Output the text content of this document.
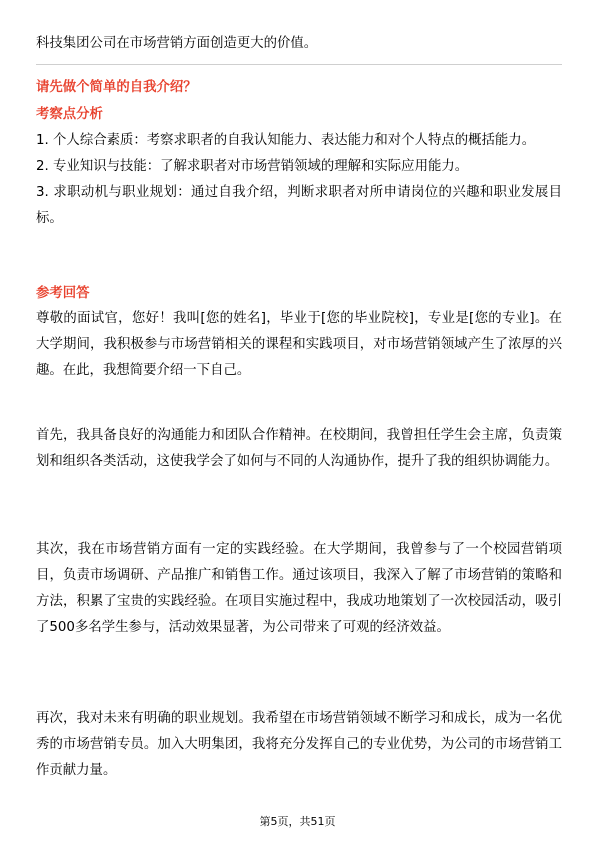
科技集团公司在市场营销方面创造更大的价值。

请先做个简单的自我介绍？

考察点分析

1. 个人综合素质：考察求职者的自我认知能力、表达能力和对个人特点的概括能力。

2. 专业知识与技能：了解求职者对市场营销领域的理解和实际应用能力。

3. 求职动机与职业规划：通过自我介绍，判断求职者对所申请岗位的兴趣和职业发展目标。

参考回答

尊敬的面试官，您好！我叫[您的姓名]，毕业于[您的毕业院校]，专业是[您的专业]。在大学期间，我积极参与市场营销相关的课程和实践项目，对市场营销领域产生了浓厚的兴趣。在此，我想简要介绍一下自己。

首先，我具备良好的沟通能力和团队合作精神。在校期间，我曾担任学生会主席，负责策划和组织各类活动，这使我学会了如何与不同的人沟通协作，提升了我的组织协调能力。

其次，我在市场营销方面有一定的实践经验。在大学期间，我曾参与了一个校园营销项目，负责市场调研、产品推广和销售工作。通过该项目，我深入了解了市场营销的策略和方法，积累了宝贵的实践经验。在项目实施过程中，我成功地策划了一次校园活动，吸引了500多名学生参与，活动效果显著，为公司带来了可观的经济效益。

再次，我对未来有明确的职业规划。我希望在市场营销领域不断学习和成长，成为一名优秀的市场营销专员。加入大明集团，我将充分发挥自己的专业优势，为公司的市场营销工作贡献力量。

第5页，共51页
